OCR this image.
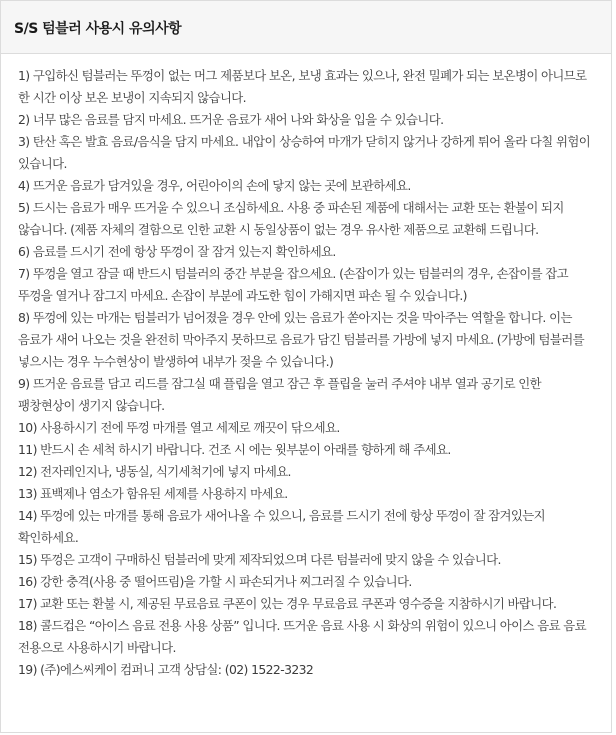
S/S 텀블러 사용시 유의사항
1) 구입하신 텀블러는 뚜껑이 없는 머그 제품보다 보온, 보냉 효과는 있으나, 완전 밀폐가 되는 보온병이 아니므로 한 시간 이상 보온 보냉이 지속되지 않습니다.
2) 너무 많은 음료를 담지 마세요. 뜨거운 음료가 새어 나와 화상을 입을 수 있습니다.
3) 탄산 혹은 발효 음료/음식을 담지 마세요. 내압이 상승하여 마개가 닫히지 않거나 강하게 튀어 올라 다칠 위험이 있습니다.
4) 뜨거운 음료가 담겨있을 경우, 어린아이의 손에 닿지 않는 곳에 보관하세요.
5) 드시는 음료가 매우 뜨거울 수 있으니 조심하세요. 사용 중 파손된 제품에 대해서는 교환 또는 환불이 되지 않습니다. (제품 자체의 결함으로 인한 교환 시 동일상품이 없는 경우 유사한 제품으로 교환해 드립니다.
6) 음료를 드시기 전에 항상 뚜껑이 잘 잠겨 있는지 확인하세요.
7) 뚜껑을 열고 잠글 때 반드시 텀블러의 중간 부분을 잡으세요. (손잡이가 있는 텀블러의 경우, 손잡이를 잡고 뚜껑을 열거나 잠그지 마세요. 손잡이 부분에 과도한 힘이 가해지면 파손 될 수 있습니다.)
8) 뚜껑에 있는 마개는 텀블러가 넘어졌을 경우 안에 있는 음료가 쏟아지는 것을 막아주는 역할을 합니다. 이는 음료가 새어 나오는 것을 완전히 막아주지 못하므로 음료가 담긴 텀블러를 가방에 넣지 마세요. (가방에 텀블러를 넣으시는 경우 누수현상이 발생하여 내부가 젖을 수 있습니다.)
9) 뜨거운 음료를 담고 리드를 잠그실 때 플립을 열고 잠근 후 플립을 눌러 주셔야 내부 열과 공기로 인한 팽창현상이 생기지 않습니다.
10) 사용하시기 전에 뚜껑 마개를 열고 세제로 깨끗이 닦으세요.
11) 반드시 손 세척 하시기 바랍니다. 건조 시 에는 윗부분이 아래를 향하게 해 주세요.
12) 전자레인지나, 냉동실, 식기세척기에 넣지 마세요.
13) 표백제나 염소가 함유된 세제를 사용하지 마세요.
14) 뚜껑에 있는 마개를 통해 음료가 새어나올 수 있으니, 음료를 드시기 전에 항상 뚜껑이 잘 잠겨있는지 확인하세요.
15) 뚜껑은 고객이 구매하신 텀블러에 맞게 제작되었으며 다른 텀블러에 맞지 않을 수 있습니다.
16) 강한 충격(사용 중 떨어뜨림)을 가할 시 파손되거나 찌그러질 수 있습니다.
17) 교환 또는 환불 시, 제공된 무료음료 쿠폰이 있는 경우 무료음료 쿠폰과 영수증을 지참하시기 바랍니다.
18) 콜드컵은 “아이스 음료 전용 사용 상품” 입니다. 뜨거운 음료 사용 시 화상의 위험이 있으니 아이스 음료 음료 전용으로 사용하시기 바랍니다.
19) (주)에스씨케이 컴퍼니 고객 상담실: (02) 1522-3232
